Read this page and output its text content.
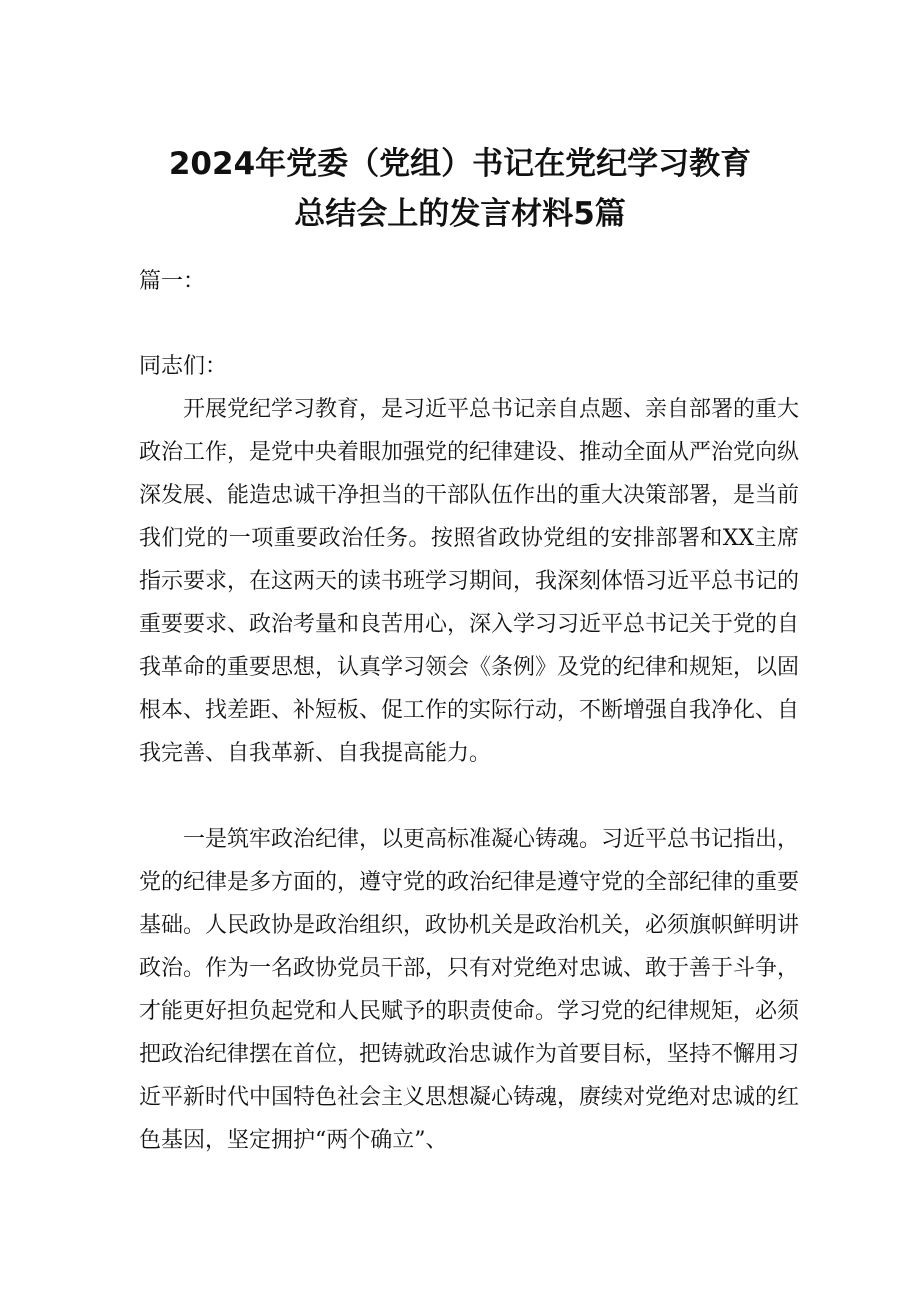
2024年党委（党组）书记在党纪学习教育
总结会上的发言材料5篇
篇一：
同志们：
开展党纪学习教育，是习近平总书记亲自点题、亲自部署的重大政治工作，是党中央着眼加强党的纪律建设、推动全面从严治党向纵深发展、能造忠诚干净担当的干部队伍作出的重大决策部署，是当前我们党的一项重要政治任务。按照省政协党组的安排部署和XX主席指示要求，在这两天的读书班学习期间，我深刻体悟习近平总书记的重要要求、政治考量和良苦用心，深入学习习近平总书记关于党的自我革命的重要思想，认真学习领会《条例》及党的纪律和规矩，以固根本、找差距、补短板、促工作的实际行动，不断增强自我净化、自我完善、自我革新、自我提高能力。
一是筑牢政治纪律，以更高标准凝心铸魂。习近平总书记指出，党的纪律是多方面的，遵守党的政治纪律是遵守党的全部纪律的重要基础。人民政协是政治组织，政协机关是政治机关，必须旗帜鲜明讲政治。作为一名政协党员干部，只有对党绝对忠诚、敢于善于斗争，才能更好担负起党和人民赋予的职责使命。学习党的纪律规矩，必须把政治纪律摆在首位，把铸就政治忠诚作为首要目标，坚持不懈用习近平新时代中国特色社会主义思想凝心铸魂，赓续对党绝对忠诚的红色基因，坚定拥护“两个确立”、
